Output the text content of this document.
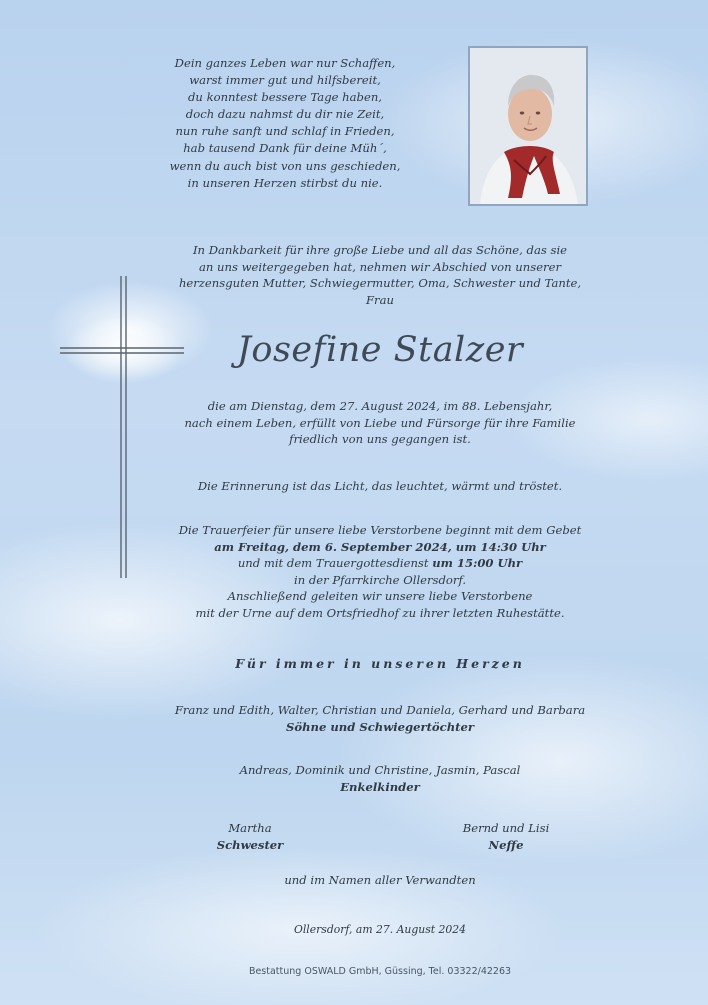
Dein ganzes Leben war nur Schaffen,
warst immer gut und hilfsbereit,
du konntest bessere Tage haben,
doch dazu nahmst du dir nie Zeit,
nun ruhe sanft und schlaf in Frieden,
hab tausend Dank für deine Müh´,
wenn du auch bist von uns geschieden,
in unseren Herzen stirbst du nie.
In Dankbarkeit für ihre große Liebe und all das Schöne, das sie
an uns weitergegeben hat, nehmen wir Abschied von unserer
herzensguten Mutter, Schwiegermutter, Oma, Schwester und Tante,
Frau
Josefine Stalzer
die am Dienstag, dem 27. August 2024, im 88. Lebensjahr,
nach einem Leben, erfüllt von Liebe und Fürsorge für ihre Familie
friedlich von uns gegangen ist.
Die Erinnerung ist das Licht, das leuchtet, wärmt und tröstet.
Die Trauerfeier für unsere liebe Verstorbene beginnt mit dem Gebet
am Freitag, dem 6. September 2024, um 14:30 Uhr
und mit dem Trauergottesdienst um 15:00 Uhr
in der Pfarrkirche Ollersdorf.
Anschließend geleiten wir unsere liebe Verstorbene
mit der Urne auf dem Ortsfriedhof zu ihrer letzten Ruhestätte.
Für immer in unseren Herzen
Franz und Edith, Walter, Christian und Daniela, Gerhard und Barbara
Söhne und Schwiegertöchter
Andreas, Dominik und Christine, Jasmin, Pascal
Enkelkinder
Martha
Schwester
Bernd und Lisi
Neffe
und im Namen aller Verwandten
Ollersdorf, am 27. August 2024
Bestattung OSWALD GmbH, Güssing, Tel. 03322/42263
